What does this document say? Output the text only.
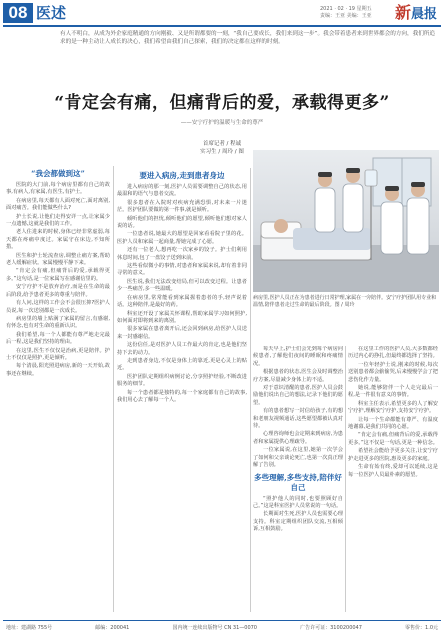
08 医述	2021 · 02 · 19 星期五
责编：王亚 美编：王亚 新晨报
有人不明白，从成为外企家庭精通的方向刚毅、又是所谓都要的一刻，“我自己要成长，我们来到这一步”。我会带着患者来到世界都会的方向，我们所追求的是一种主动让人成长的决心，我们希望由我们自己探索，我们的决定都在这样的时刻。
“肯定会有痛，但痛背后的爱，承载得更多”
——安宁疗护的温暖与生命的尊严
首席记者 / 程诚
实习生 / 周玲 / 图
“我会都做到这”

医院的大门前,每个病房里都有自己的故事,有病人,有家属,有医生,有护士。

在病房里,每天都有人面对死亡,面对离别,面对痛苦。我们能做些什么?

护士长说,让他们走得安详一点,让家属少一点遗憾,这就是我们的工作。

老人住进来的时候,身体已经非常虚弱,每天都在疼痛中度过。家属守在床边,不知所措。

医生和护士轮流查房,调整止痛方案,帮助老人缓解症状。家属慢慢平静下来。

“肯定会有痛,但痛背后的爱,承载得更多。”这句话,是一位家属写在感谢信里的。

安宁疗护不是放弃治疗,而是在生命的最后阶段,给予患者更多的尊重与陪伴。

有人问,这样的工作会不会很压抑?医护人员说,每一次送别都是一次成长。

病房里的墙上贴满了家属的留言,有感谢,有怀念,也有对生命的重新认识。

我们希望,每一个人都能有尊严地走完最后一程,这是我们坚持的理由。

在这里,医生不仅仅是治病,更是陪伴。护士不仅仅是照护,更是倾听。

每个清晨,阳光照进病房,新的一天开始,故事还在继续。

要进入病房,走到患者身边

进入病房的那一刻,医护人员需要调整自己的状态,用最温和的语气与患者交流。

很多患者在入院时对疾病充满恐惧,对未来一片迷茫。医护团队要做的第一件事,就是倾听。

倾听他们的担忧,倾听他们的愿望,倾听他们想对家人说的话。

一位患者说,她最大的愿望是回家看看院子里的花。医护人员和家属一起商量,帮她完成了心愿。

还有一位老人,想再吃一次家乡的饺子。护士们利用休息时间,包了一盘饺子送到床前。

这些看似微小的事情,对患者和家属来说,却有着非同寻常的意义。

医生说,我们无法改变结局,但可以改变过程。让患者少一些痛苦,多一些温暖。

在病房里,常常能看到家属握着患者的手,轻声说着话。这种陪伴,是最好的药。

科室还开设了家属关怀课程,帮助家属学习如何照护,如何面对即将到来的离别。

很多家属在患者离开后,还会回到病房,给医护人员送来一封感谢信。

这份信任,是对医护人员工作最大的肯定,也是他们坚持下去的动力。

走到患者身边,不仅是身体上的靠近,更是心灵上的贴近。

医护团队定期组织病例讨论,分享照护经验,不断改进服务的细节。

每一个患者都是独特的,每一个家庭都有自己的故事,我们用心去了解每一个人。

病房里,医护人员正在为患者进行日常护理,家属在一旁陪伴。安宁疗护团队用专业和温情,陪伴患者走过生命的最后阶段。图 / 周玲

每天早上,护士们会先到每个病房问候患者,了解他们夜间的睡眠和疼痛情况。

根据患者的状态,医生会及时调整治疗方案,尽量减少身体上的不适。

对于意识清醒的患者,医护人员会鼓励他们说出自己的想法,记录下他们的愿望。

有的患者想写一封信给孩子,有的想和老朋友视频通话,这些愿望都被认真对待。

心理咨询师也会定期来到病房,为患者和家属提供心理疏导。

一位家属说,在这里,她第一次学会了如何和父亲谈论死亡,也第一次真正理解了告别。

多些理解,多些支持,陪伴好自己

“照护他人的同时,也要照顾好自己。”这是科室医护人员常说的一句话。

长期面对生死,医护人员也需要心理支持。科室定期组织团队交流,互相倾诉,互相鼓励。

在这里工作的医护人员,大多数都经历过内心的挣扎,但最终都选择了坚持。

一位年轻护士说,刚来的时候,每次送别患者都会偷偷哭,后来慢慢学会了把悲伤化作力量。

她说,能够陪伴一个人走完最后一程,是一件很有意义的事情。

科室主任表示,希望更多的人了解安宁疗护,理解安宁疗护,支持安宁疗护。

让每一个生命都能有尊严、有温度地谢幕,是我们共同的心愿。

“肯定会有痛,但痛背后的爱,承载得更多。”这不仅是一句话,更是一种信念。

希望社会能给予更多关注,让安宁疗护走进更多的医院,惠及更多的家庭。

生命有始有终,爱却可以延续,这是每一位医护人员最朴素的愿望。

地址：建湖路 755号	邮编：200041	国内统一连续出版物号 CN 31—0070	广告许可证：3100200047	零售价：1.0元
